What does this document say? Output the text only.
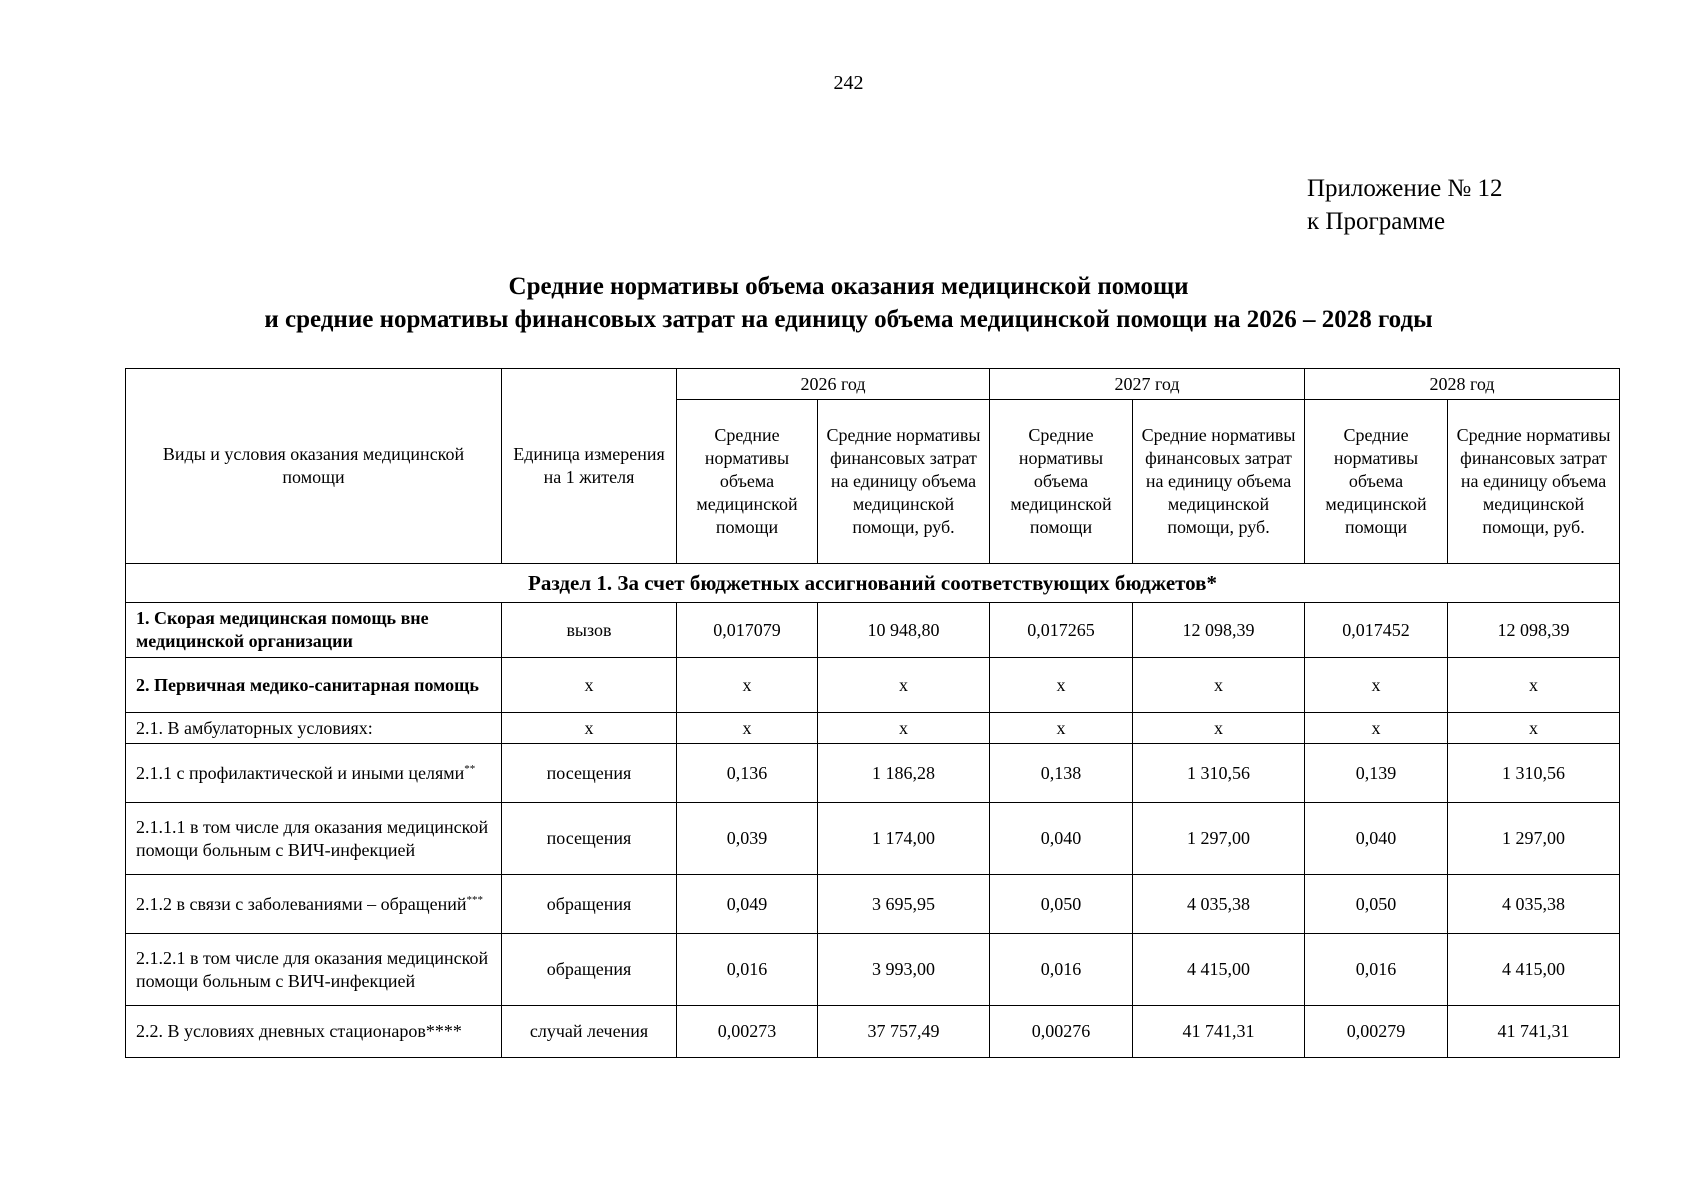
242
Приложение № 12
к Программе
Средние нормативы объема оказания медицинской помощи
и средние нормативы финансовых затрат на единицу объема медицинской помощи на 2026 – 2028 годы
Виды и условия оказания медицинской помощи	Единица измерения на 1 жителя	2026 год		2027 год		2028 год	
		Средние нормативы объема медицинской помощи	Средние нормативы финансовых затрат на единицу объема медицинской помощи, руб.	Средние нормативы объема медицинской помощи	Средние нормативы финансовых затрат на единицу объема медицинской помощи, руб.	Средние нормативы объема медицинской помощи	Средние нормативы финансовых затрат на единицу объема медицинской помощи, руб.
Раздел 1. За счет бюджетных ассигнований соответствующих бюджетов*							
1. Скорая медицинская помощь вне медицинской организации	вызов	0,017079	10 948,80	0,017265	12 098,39	0,017452	12 098,39
2. Первичная медико-санитарная помощь	х	х	х	х	х	х	х
2.1. В амбулаторных условиях:	х	х	х	х	х	х	х
2.1.1 с профилактической и иными целями**	посещения	0,136	1 186,28	0,138	1 310,56	0,139	1 310,56
2.1.1.1 в том числе для оказания медицинской помощи больным с ВИЧ-инфекцией	посещения	0,039	1 174,00	0,040	1 297,00	0,040	1 297,00
2.1.2 в связи с заболеваниями – обращений***	обращения	0,049	3 695,95	0,050	4 035,38	0,050	4 035,38
2.1.2.1 в том числе для оказания медицинской помощи больным с ВИЧ-инфекцией	обращения	0,016	3 993,00	0,016	4 415,00	0,016	4 415,00
2.2. В условиях дневных стационаров****	случай лечения	0,00273	37 757,49	0,00276	41 741,31	0,00279	41 741,31
